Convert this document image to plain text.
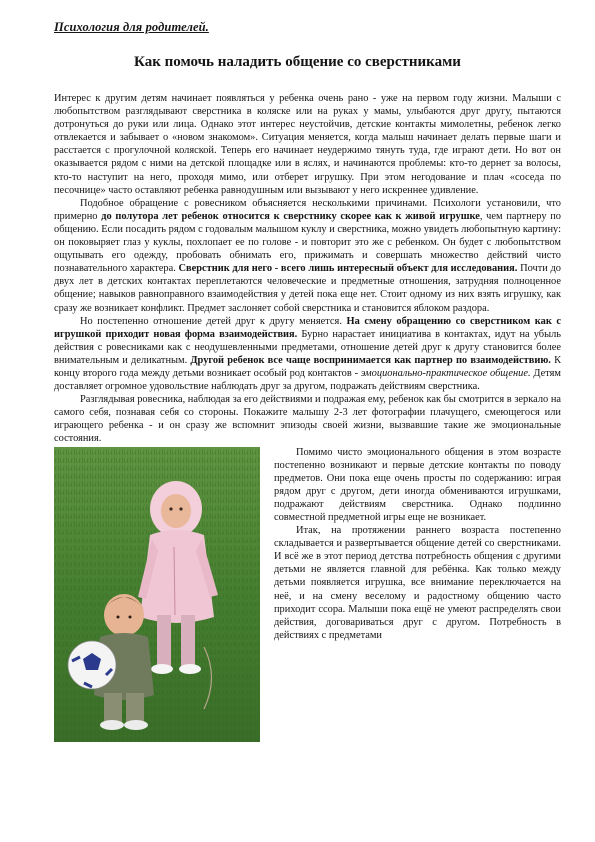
Психология для родителей.
Как помочь наладить общение со сверстниками

Интерес к другим детям начинает появляться у ребенка очень рано - уже на первом году жизни. Малыши с любопытством разглядывают сверстника в коляске или на руках у мамы, улыбаются друг другу, пытаются дотронуться до руки или лица. Однако этот интерес неустойчив, детские контакты мимолетны, ребенок легко отвлекается и забывает о «новом знакомом». Ситуация меняется, когда малыш начинает делать первые шаги и расстается с прогулочной коляской. Теперь его начинает неудержимо тянуть туда, где играют дети. Но вот он оказывается рядом с ними на детской площадке или в яслях, и начинаются проблемы: кто-то дернет за волосы, кто-то наступит на него, проходя мимо, или отберет игрушку. При этом негодование и плач «соседа по песочнице» часто оставляют ребенка равнодушным или вызывают у него искреннее удивление.

Подобное обращение с ровесником объясняется несколькими причинами. Психологи установили, что примерно до полутора лет ребенок относится к сверстнику скорее как к живой игрушке, чем партнеру по общению. Если посадить рядом с годовалым малышом куклу и сверстника, можно увидеть любопытную картину: он поковыряет глаз у куклы, похлопает ее по голове - и повторит это же с ребенком. Он будет с любопытством ощупывать его одежду, пробовать обнимать его, прижимать и совершать множество действий чисто познавательного характера. Сверстник для него - всего лишь интересный объект для исследования. Почти до двух лет в детских контактах переплетаются человеческие и предметные отношения, затрудняя полноценное общение; навыков равноправного взаимодействия у детей пока еще нет. Стоит одному из них взять игрушку, как сразу же возникает конфликт. Предмет заслоняет собой сверстника и становится яблоком раздора.

Но постепенно отношение детей друг к другу меняется. На смену обращению со сверстником как с игрушкой приходит новая форма взаимодействия. Бурно нарастает инициатива в контактах, идут на убыль действия с ровесниками как с неодушевленными предметами, отношение детей друг к другу становится более внимательным и деликатным. Другой ребенок все чаще воспринимается как партнер по взаимодействию. К концу второго года между детьми возникает особый род контактов - эмоционально-практическое общение. Детям доставляет огромное удовольствие наблюдать друг за другом, подражать действиям сверстника.

Разглядывая ровесника, наблюдая за его действиями и подражая ему, ребенок как бы смотрится в зеркало на самого себя, познавая себя со стороны. Покажите малышу 2-3 лет фотографии плачущего, смеющегося или играющего ребенка - и он сразу же вспомнит эпизоды своей жизни, вызвавшие такие же эмоциональные состояния.

Помимо чисто эмоционального общения в этом возрасте постепенно возникают и первые детские контакты по поводу предметов. Они пока еще очень просты по содержанию: играя рядом друг с другом, дети иногда обмениваются игрушками, подражают действиям сверстника. Однако подлинно совместной предметной игры еще не возникает.

Итак, на протяжении раннего возраста постепенно складывается и развертывается общение детей со сверстниками. И всё же в этот период детства потребность общения с другими детьми не является главной для ребёнка. Как только между детьми появляется игрушка, все внимание переключается на неё, и на смену веселому и радостному общению часто приходит ссора. Малыши пока ещё не умеют распределять свои действия, договариваться друг с другом. Потребность в действиях с предметами
